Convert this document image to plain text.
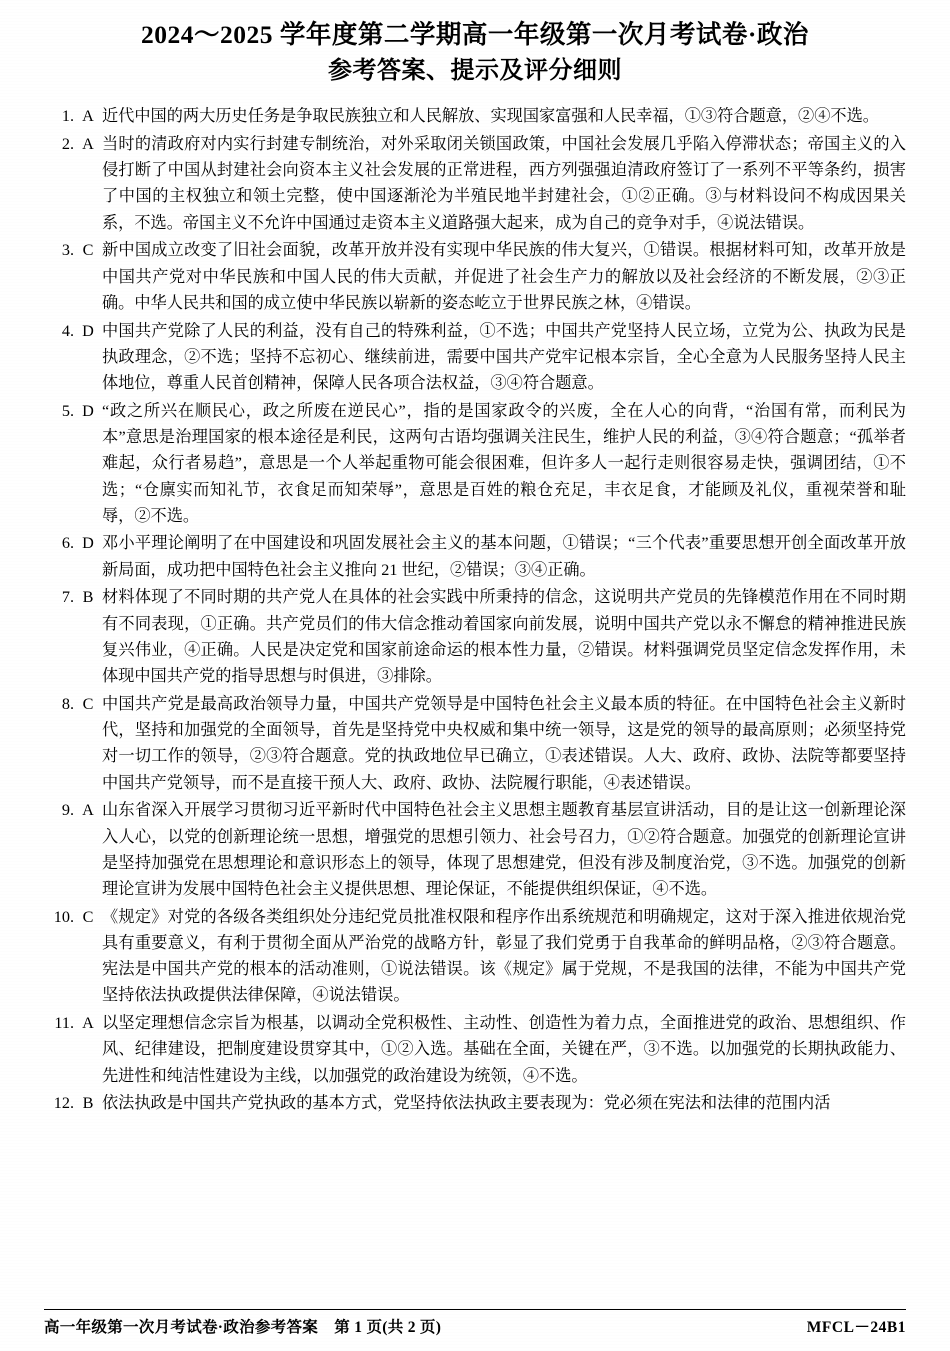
2024～2025 学年度第二学期高一年级第一次月考试卷·政治
参考答案、提示及评分细则
1. A 近代中国的两大历史任务是争取民族独立和人民解放、实现国家富强和人民幸福，①③符合题意，②④不选。
2. A 当时的清政府对内实行封建专制统治，对外采取闭关锁国政策，中国社会发展几乎陷入停滞状态；帝国主义的入侵打断了中国从封建社会向资本主义社会发展的正常进程，西方列强强迫清政府签订了一系列不平等条约，损害了中国的主权独立和领土完整，使中国逐渐沦为半殖民地半封建社会，①②正确。③与材料设问不构成因果关系，不选。帝国主义不允许中国通过走资本主义道路强大起来，成为自己的竞争对手，④说法错误。
3. C 新中国成立改变了旧社会面貌，改革开放并没有实现中华民族的伟大复兴，①错误。根据材料可知，改革开放是中国共产党对中华民族和中国人民的伟大贡献，并促进了社会生产力的解放以及社会经济的不断发展，②③正确。中华人民共和国的成立使中华民族以崭新的姿态屹立于世界民族之林，④错误。
4. D 中国共产党除了人民的利益，没有自己的特殊利益，①不选；中国共产党坚持人民立场，立党为公、执政为民是执政理念，②不选；坚持不忘初心、继续前进，需要中国共产党牢记根本宗旨，全心全意为人民服务坚持人民主体地位，尊重人民首创精神，保障人民各项合法权益，③④符合题意。
5. D “政之所兴在顺民心，政之所废在逆民心”，指的是国家政令的兴废，全在人心的向背，“治国有常，而利民为本”意思是治理国家的根本途径是利民，这两句古语均强调关注民生，维护人民的利益，③④符合题意；“孤举者难起，众行者易趋”，意思是一个人举起重物可能会很困难，但许多人一起行走则很容易走快，强调团结，①不选；“仓廪实而知礼节，衣食足而知荣辱”，意思是百姓的粮仓充足，丰衣足食，才能顾及礼仪，重视荣誉和耻辱，②不选。
6. D 邓小平理论阐明了在中国建设和巩固发展社会主义的基本问题，①错误；“三个代表”重要思想开创全面改革开放新局面，成功把中国特色社会主义推向 21 世纪，②错误；③④正确。
7. B 材料体现了不同时期的共产党人在具体的社会实践中所秉持的信念，这说明共产党员的先锋模范作用在不同时期有不同表现，①正确。共产党员们的伟大信念推动着国家向前发展，说明中国共产党以永不懈怠的精神推进民族复兴伟业，④正确。人民是决定党和国家前途命运的根本性力量，②错误。材料强调党员坚定信念发挥作用，未体现中国共产党的指导思想与时俱进，③排除。
8. C 中国共产党是最高政治领导力量，中国共产党领导是中国特色社会主义最本质的特征。在中国特色社会主义新时代，坚持和加强党的全面领导，首先是坚持党中央权威和集中统一领导，这是党的领导的最高原则；必须坚持党对一切工作的领导，②③符合题意。党的执政地位早已确立，①表述错误。人大、政府、政协、法院等都要坚持中国共产党领导，而不是直接干预人大、政府、政协、法院履行职能，④表述错误。
9. A 山东省深入开展学习贯彻习近平新时代中国特色社会主义思想主题教育基层宣讲活动，目的是让这一创新理论深入人心，以党的创新理论统一思想，增强党的思想引领力、社会号召力，①②符合题意。加强党的创新理论宣讲是坚持加强党在思想理论和意识形态上的领导，体现了思想建党，但没有涉及制度治党，③不选。加强党的创新理论宣讲为发展中国特色社会主义提供思想、理论保证，不能提供组织保证，④不选。
10. C 《规定》对党的各级各类组织处分违纪党员批准权限和程序作出系统规范和明确规定，这对于深入推进依规治党具有重要意义，有利于贯彻全面从严治党的战略方针，彰显了我们党勇于自我革命的鲜明品格，②③符合题意。宪法是中国共产党的根本的活动准则，①说法错误。该《规定》属于党规，不是我国的法律，不能为中国共产党坚持依法执政提供法律保障，④说法错误。
11. A 以坚定理想信念宗旨为根基，以调动全党积极性、主动性、创造性为着力点，全面推进党的政治、思想组织、作风、纪律建设，把制度建设贯穿其中，①②入选。基础在全面，关键在严，③不选。以加强党的长期执政能力、先进性和纯洁性建设为主线，以加强党的政治建设为统领，④不选。
12. B 依法执政是中国共产党执政的基本方式，党坚持依法执政主要表现为：党必须在宪法和法律的范围内活
高一年级第一次月考试卷·政治参考答案 第 1 页(共 2 页)	MFCL－24B1
